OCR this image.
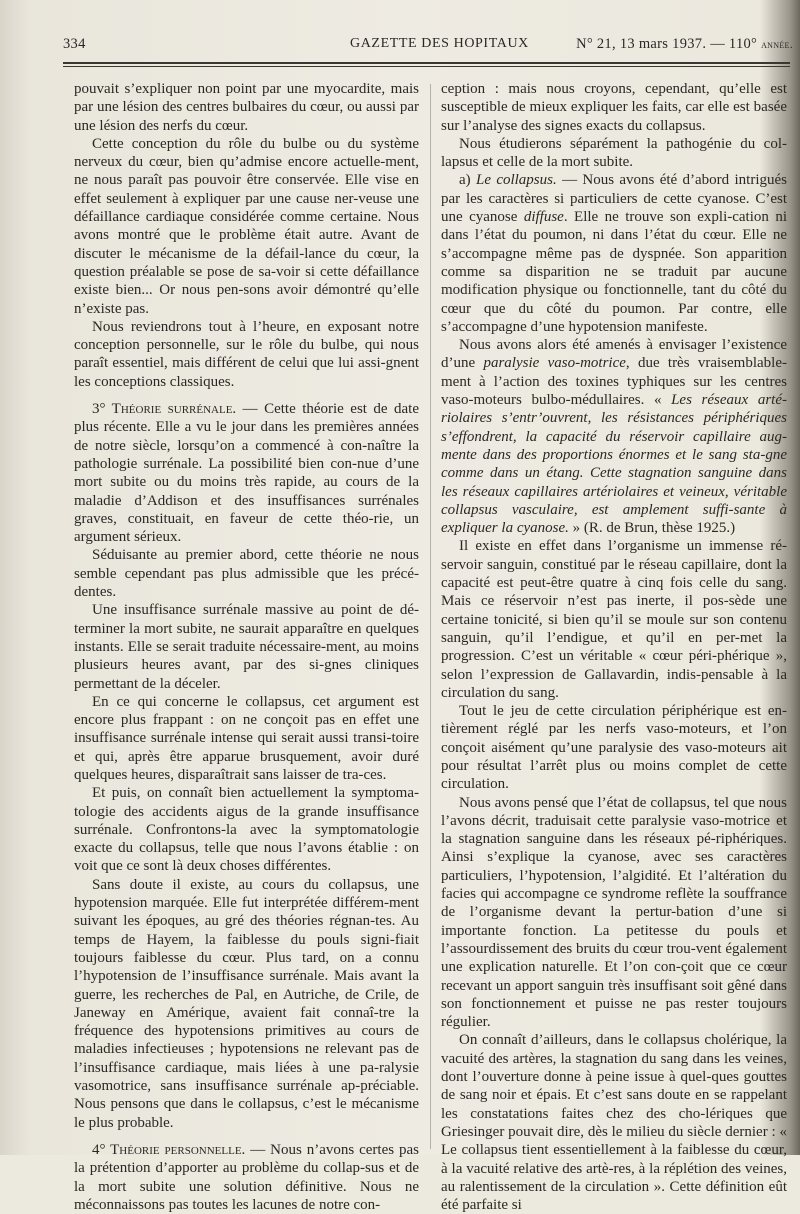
334	GAZETTE DES HOPITAUX	N° 21, 13 mars 1937. — 110° année.

pouvait s’expliquer non point par une myocardite, mais par une lésion des centres bulbaires du cœur, ou aussi par une lésion des nerfs du cœur.

Cette conception du rôle du bulbe ou du système nerveux du cœur, bien qu’admise encore actuelle-ment, ne nous paraît pas pouvoir être conservée. Elle vise en effet seulement à expliquer par une cause ner-veuse une défaillance cardiaque considérée comme certaine. Nous avons montré que le problème était autre. Avant de discuter le mécanisme de la défail-lance du cœur, la question préalable se pose de sa-voir si cette défaillance existe bien... Or nous pen-sons avoir démontré qu’elle n’existe pas.

Nous reviendrons tout à l’heure, en exposant notre conception personnelle, sur le rôle du bulbe, qui nous paraît essentiel, mais différent de celui que lui assi-gnent les conceptions classiques.

3° Théorie surrénale. — Cette théorie est de date plus récente. Elle a vu le jour dans les premières années de notre siècle, lorsqu’on a commencé à con-naître la pathologie surrénale. La possibilité bien con-nue d’une mort subite ou du moins très rapide, au cours de la maladie d’Addison et des insuffisances surrénales graves, constituait, en faveur de cette théo-rie, un argument sérieux.

Séduisante au premier abord, cette théorie ne nous semble cependant pas plus admissible que les précé-dentes.

Une insuffisance surrénale massive au point de dé-terminer la mort subite, ne saurait apparaître en quelques instants. Elle se serait traduite nécessaire-ment, au moins plusieurs heures avant, par des si-gnes cliniques permettant de la déceler.

En ce qui concerne le collapsus, cet argument est encore plus frappant : on ne conçoit pas en effet une insuffisance surrénale intense qui serait aussi transi-toire et qui, après être apparue brusquement, avoir duré quelques heures, disparaîtrait sans laisser de tra-ces.

Et puis, on connaît bien actuellement la symptoma-tologie des accidents aigus de la grande insuffisance surrénale. Confrontons-la avec la symptomatologie exacte du collapsus, telle que nous l’avons établie : on voit que ce sont là deux choses différentes.

Sans doute il existe, au cours du collapsus, une hypotension marquée. Elle fut interprétée différem-ment suivant les époques, au gré des théories régnan-tes. Au temps de Hayem, la faiblesse du pouls signi-fiait toujours faiblesse du cœur. Plus tard, on a connu l’hypotension de l’insuffisance surrénale. Mais avant la guerre, les recherches de Pal, en Autriche, de Crile, de Janeway en Amérique, avaient fait connaî-tre la fréquence des hypotensions primitives au cours de maladies infectieuses ; hypotensions ne relevant pas de l’insuffisance cardiaque, mais liées à une pa-ralysie vasomotrice, sans insuffisance surrénale ap-préciable. Nous pensons que dans le collapsus, c’est le mécanisme le plus probable.

4° Théorie personnelle. — Nous n’avons certes pas la prétention d’apporter au problème du collap-sus et de la mort subite une solution définitive. Nous ne méconnaissons pas toutes les lacunes de notre con-

ception : mais nous croyons, cependant, qu’elle est susceptible de mieux expliquer les faits, car elle est basée sur l’analyse des signes exacts du collapsus.

Nous étudierons séparément la pathogénie du col-lapsus et celle de la mort subite.

a) Le collapsus. — Nous avons été d’abord intrigués par les caractères si particuliers de cette cyanose. C’est une cyanose diffuse. Elle ne trouve son expli-cation ni dans l’état du poumon, ni dans l’état du cœur. Elle ne s’accompagne même pas de dyspnée. Son apparition comme sa disparition ne se traduit par aucune modification physique ou fonctionnelle, tant du côté du cœur que du côté du poumon. Par contre, elle s’accompagne d’une hypotension manifeste.

Nous avons alors été amenés à envisager l’existence d’une paralysie vaso-motrice, due très vraisemblable-ment à l’action des toxines typhiques sur les centres vaso-moteurs bulbo-médullaires. « Les réseaux arté-riolaires s’entr’ouvrent, les résistances périphériques s’effondrent, la capacité du réservoir capillaire aug-mente dans des proportions énormes et le sang sta-gne comme dans un étang. Cette stagnation sanguine dans les réseaux capillaires artériolaires et veineux, véritable collapsus vasculaire, est amplement suffi-sante à expliquer la cyanose. » (R. de Brun, thèse 1925.)

Il existe en effet dans l’organisme un immense ré-servoir sanguin, constitué par le réseau capillaire, dont la capacité est peut-être quatre à cinq fois celle du sang. Mais ce réservoir n’est pas inerte, il pos-sède une certaine tonicité, si bien qu’il se moule sur son contenu sanguin, qu’il l’endigue, et qu’il en per-met la progression. C’est un véritable « cœur péri-phérique », selon l’expression de Gallavardin, indis-pensable à la circulation du sang.

Tout le jeu de cette circulation périphérique est en-tièrement réglé par les nerfs vaso-moteurs, et l’on conçoit aisément qu’une paralysie des vaso-moteurs ait pour résultat l’arrêt plus ou moins complet de cette circulation.

Nous avons pensé que l’état de collapsus, tel que nous l’avons décrit, traduisait cette paralysie vaso-motrice et la stagnation sanguine dans les réseaux pé-riphériques. Ainsi s’explique la cyanose, avec ses caractères particuliers, l’hypotension, l’algidité. Et l’altération du facies qui accompagne ce syndrome reflète la souffrance de l’organisme devant la pertur-bation d’une si importante fonction. La petitesse du pouls et l’assourdissement des bruits du cœur trou-vent également une explication naturelle. Et l’on con-çoit que ce cœur recevant un apport sanguin très insuffisant soit gêné dans son fonctionnement et puisse ne pas rester toujours régulier.

On connaît d’ailleurs, dans le collapsus cholérique, la vacuité des artères, la stagnation du sang dans les veines, dont l’ouverture donne à peine issue à quel-ques gouttes de sang noir et épais. Et c’est sans doute en se rappelant les constatations faites chez des cho-lériques que Griesinger pouvait dire, dès le milieu du siècle dernier : « Le collapsus tient essentiellement à la faiblesse du cœur, à la vacuité relative des artè-res, à la réplétion des veines, au ralentissement de la circulation ». Cette définition eût été parfaite si
